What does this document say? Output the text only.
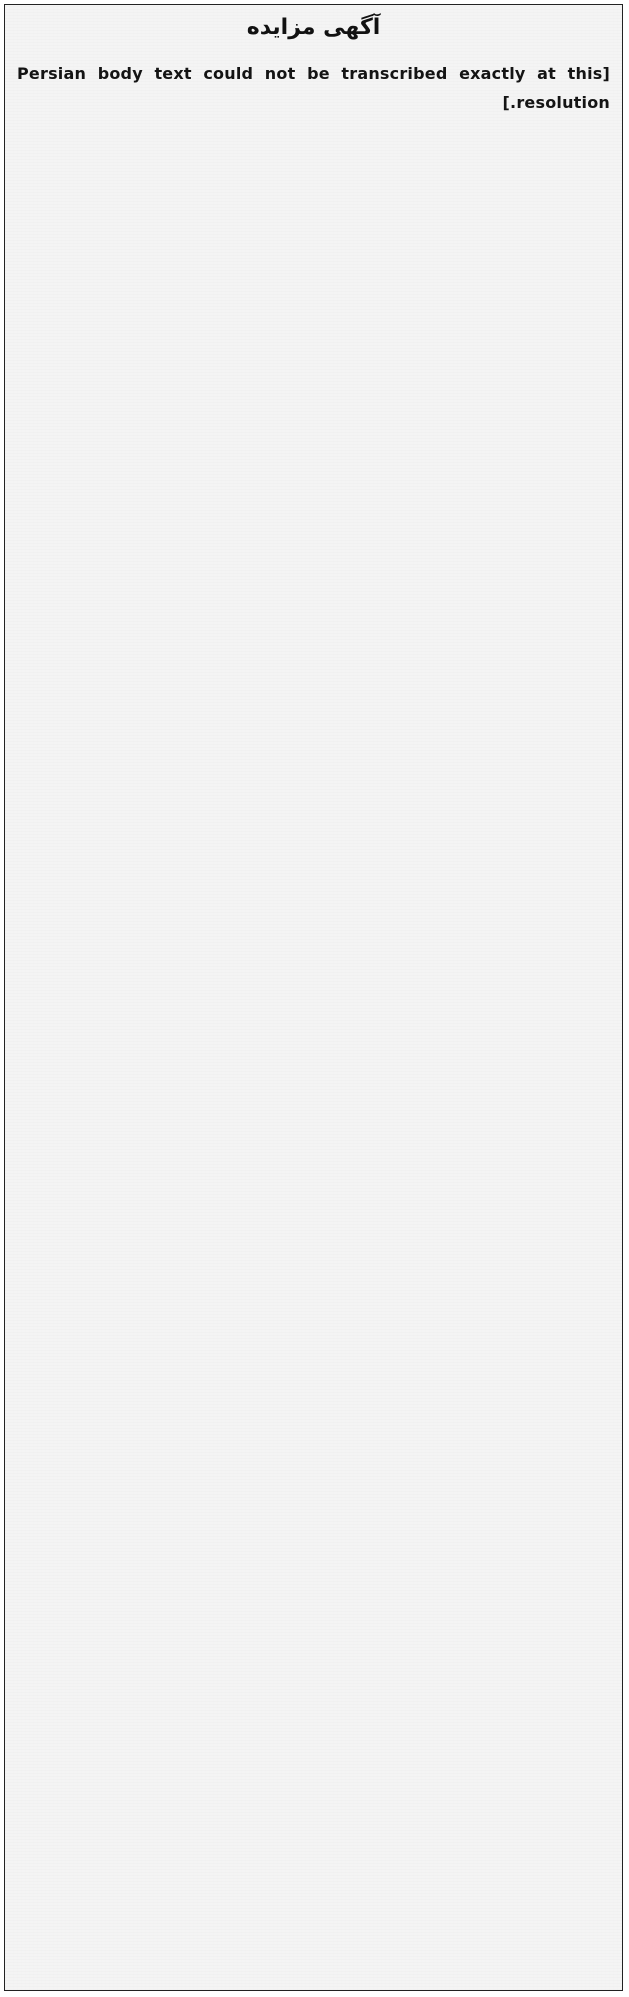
آگهی مزایده

[Persian body text could not be transcribed exactly at this resolution.]
